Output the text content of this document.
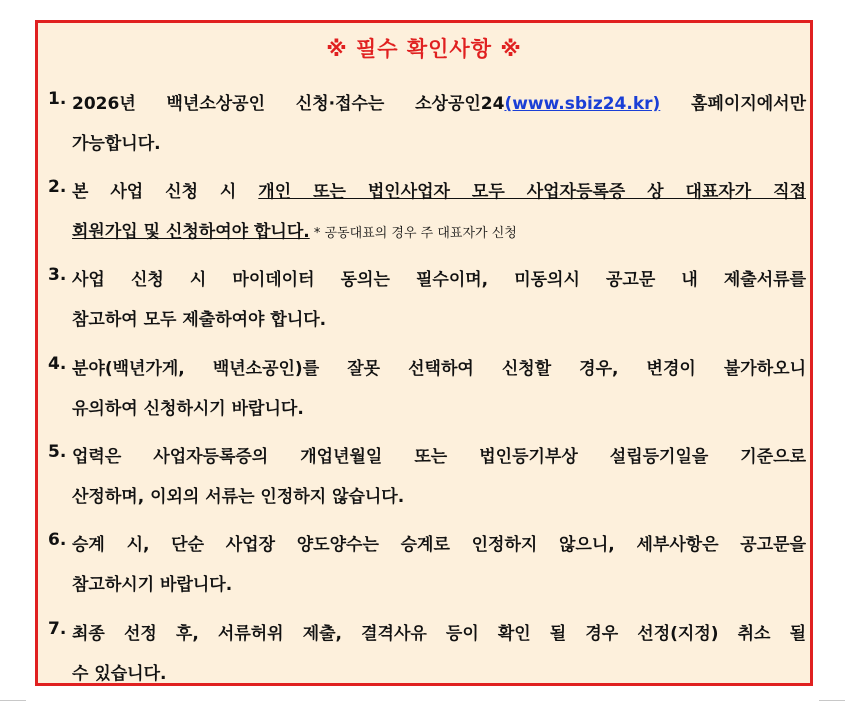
※ 필수 확인사항 ※
1. 2026년 백년소상공인 신청·접수는 소상공인24(www.sbiz24.kr) 홈페이지에서만
가능합니다.
2. 본 사업 신청 시 개인 또는 법인사업자 모두 사업자등록증 상 대표자가 직접
회원가입 및 신청하여야 합니다. * 공동대표의 경우 주 대표자가 신청
3. 사업 신청 시 마이데이터 동의는 필수이며, 미동의시 공고문 내 제출서류를
참고하여 모두 제출하여야 합니다.
4. 분야(백년가게, 백년소공인)를 잘못 선택하여 신청할 경우, 변경이 불가하오니
유의하여 신청하시기 바랍니다.
5. 업력은 사업자등록증의 개업년월일 또는 법인등기부상 설립등기일을 기준으로
산정하며, 이외의 서류는 인정하지 않습니다.
6. 승계 시, 단순 사업장 양도양수는 승계로 인정하지 않으니, 세부사항은 공고문을
참고하시기 바랍니다.
7. 최종 선정 후, 서류허위 제출, 결격사유 등이 확인 될 경우 선정(지정) 취소 될
수 있습니다.
